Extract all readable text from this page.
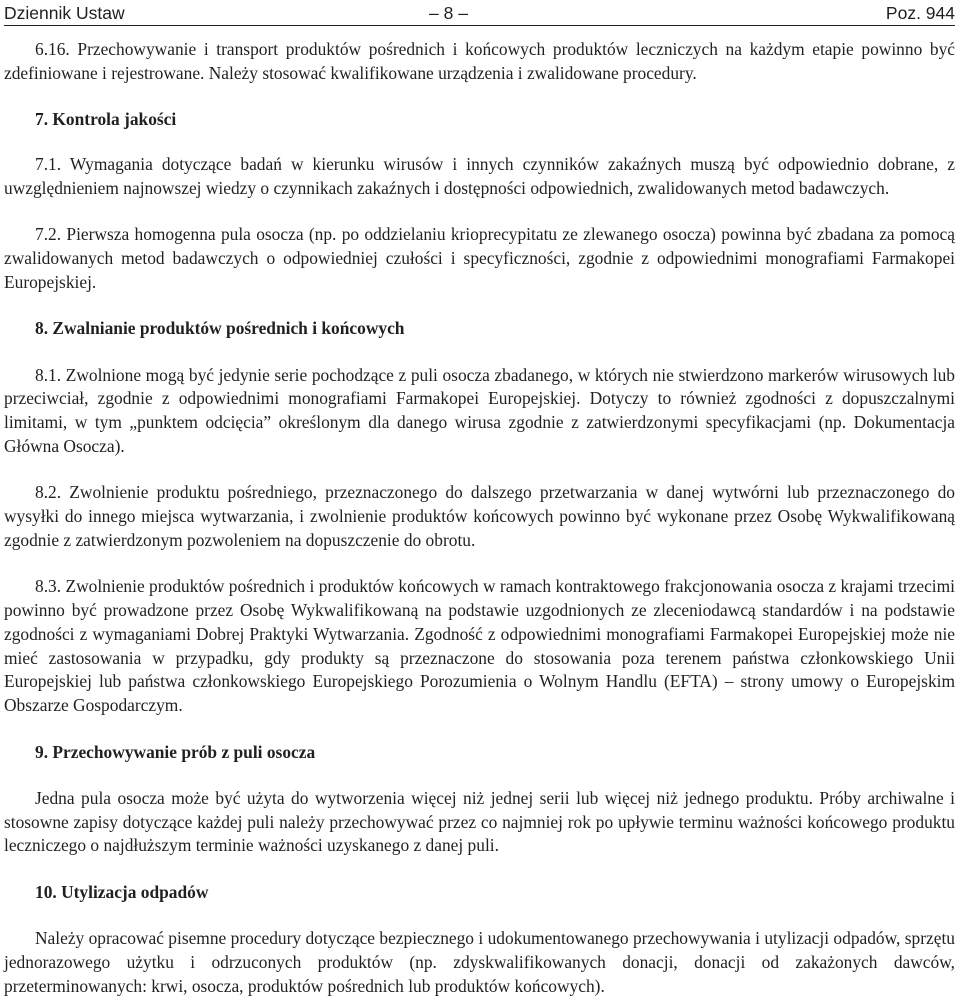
Dziennik Ustaw	– 8 –	Poz. 944

6.16. Przechowywanie i transport produktów pośrednich i końcowych produktów leczniczych na każdym etapie powinno być zdefiniowane i rejestrowane. Należy stosować kwalifikowane urządzenia i zwalidowane procedury.

7. Kontrola jakości

7.1. Wymagania dotyczące badań w kierunku wirusów i innych czynników zakaźnych muszą być odpowiednio dobrane, z uwzględnieniem najnowszej wiedzy o czynnikach zakaźnych i dostępności odpowiednich, zwalidowanych metod badawczych.

7.2. Pierwsza homogenna pula osocza (np. po oddzielaniu krioprecypitatu ze zlewanego osocza) powinna być zbadana za pomocą zwalidowanych metod badawczych o odpowiedniej czułości i specyficzności, zgodnie z odpowiednimi monografiami Farmakopei Europejskiej.

8. Zwalnianie produktów pośrednich i końcowych

8.1. Zwolnione mogą być jedynie serie pochodzące z puli osocza zbadanego, w których nie stwierdzono markerów wirusowych lub przeciwciał, zgodnie z odpowiednimi monografiami Farmakopei Europejskiej. Dotyczy to również zgodności z dopuszczalnymi limitami, w tym „punktem odcięcia” określonym dla danego wirusa zgodnie z zatwierdzonymi specyfikacjami (np. Dokumentacja Główna Osocza).

8.2. Zwolnienie produktu pośredniego, przeznaczonego do dalszego przetwarzania w danej wytwórni lub przeznaczonego do wysyłki do innego miejsca wytwarzania, i zwolnienie produktów końcowych powinno być wykonane przez Osobę Wykwalifikowaną zgodnie z zatwierdzonym pozwoleniem na dopuszczenie do obrotu.

8.3. Zwolnienie produktów pośrednich i produktów końcowych w ramach kontraktowego frakcjonowania osocza z krajami trzecimi powinno być prowadzone przez Osobę Wykwalifikowaną na podstawie uzgodnionych ze zleceniodawcą standardów i na podstawie zgodności z wymaganiami Dobrej Praktyki Wytwarzania. Zgodność z odpowiednimi monografiami Farmakopei Europejskiej może nie mieć zastosowania w przypadku, gdy produkty są przeznaczone do stosowania poza terenem państwa członkowskiego Unii Europejskiej lub państwa członkowskiego Europejskiego Porozumienia o Wolnym Handlu (EFTA) – strony umowy o Europejskim Obszarze Gospodarczym.

9. Przechowywanie prób z puli osocza

Jedna pula osocza może być użyta do wytworzenia więcej niż jednej serii lub więcej niż jednego produktu. Próby archiwalne i stosowne zapisy dotyczące każdej puli należy przechowywać przez co najmniej rok po upływie terminu ważności końcowego produktu leczniczego o najdłuższym terminie ważności uzyskanego z danej puli.

10. Utylizacja odpadów

Należy opracować pisemne procedury dotyczące bezpiecznego i udokumentowanego przechowywania i utylizacji odpadów, sprzętu jednorazowego użytku i odrzuconych produktów (np. zdyskwalifikowanych donacji, donacji od zakażonych dawców, przeterminowanych: krwi, osocza, produktów pośrednich lub produktów końcowych).
